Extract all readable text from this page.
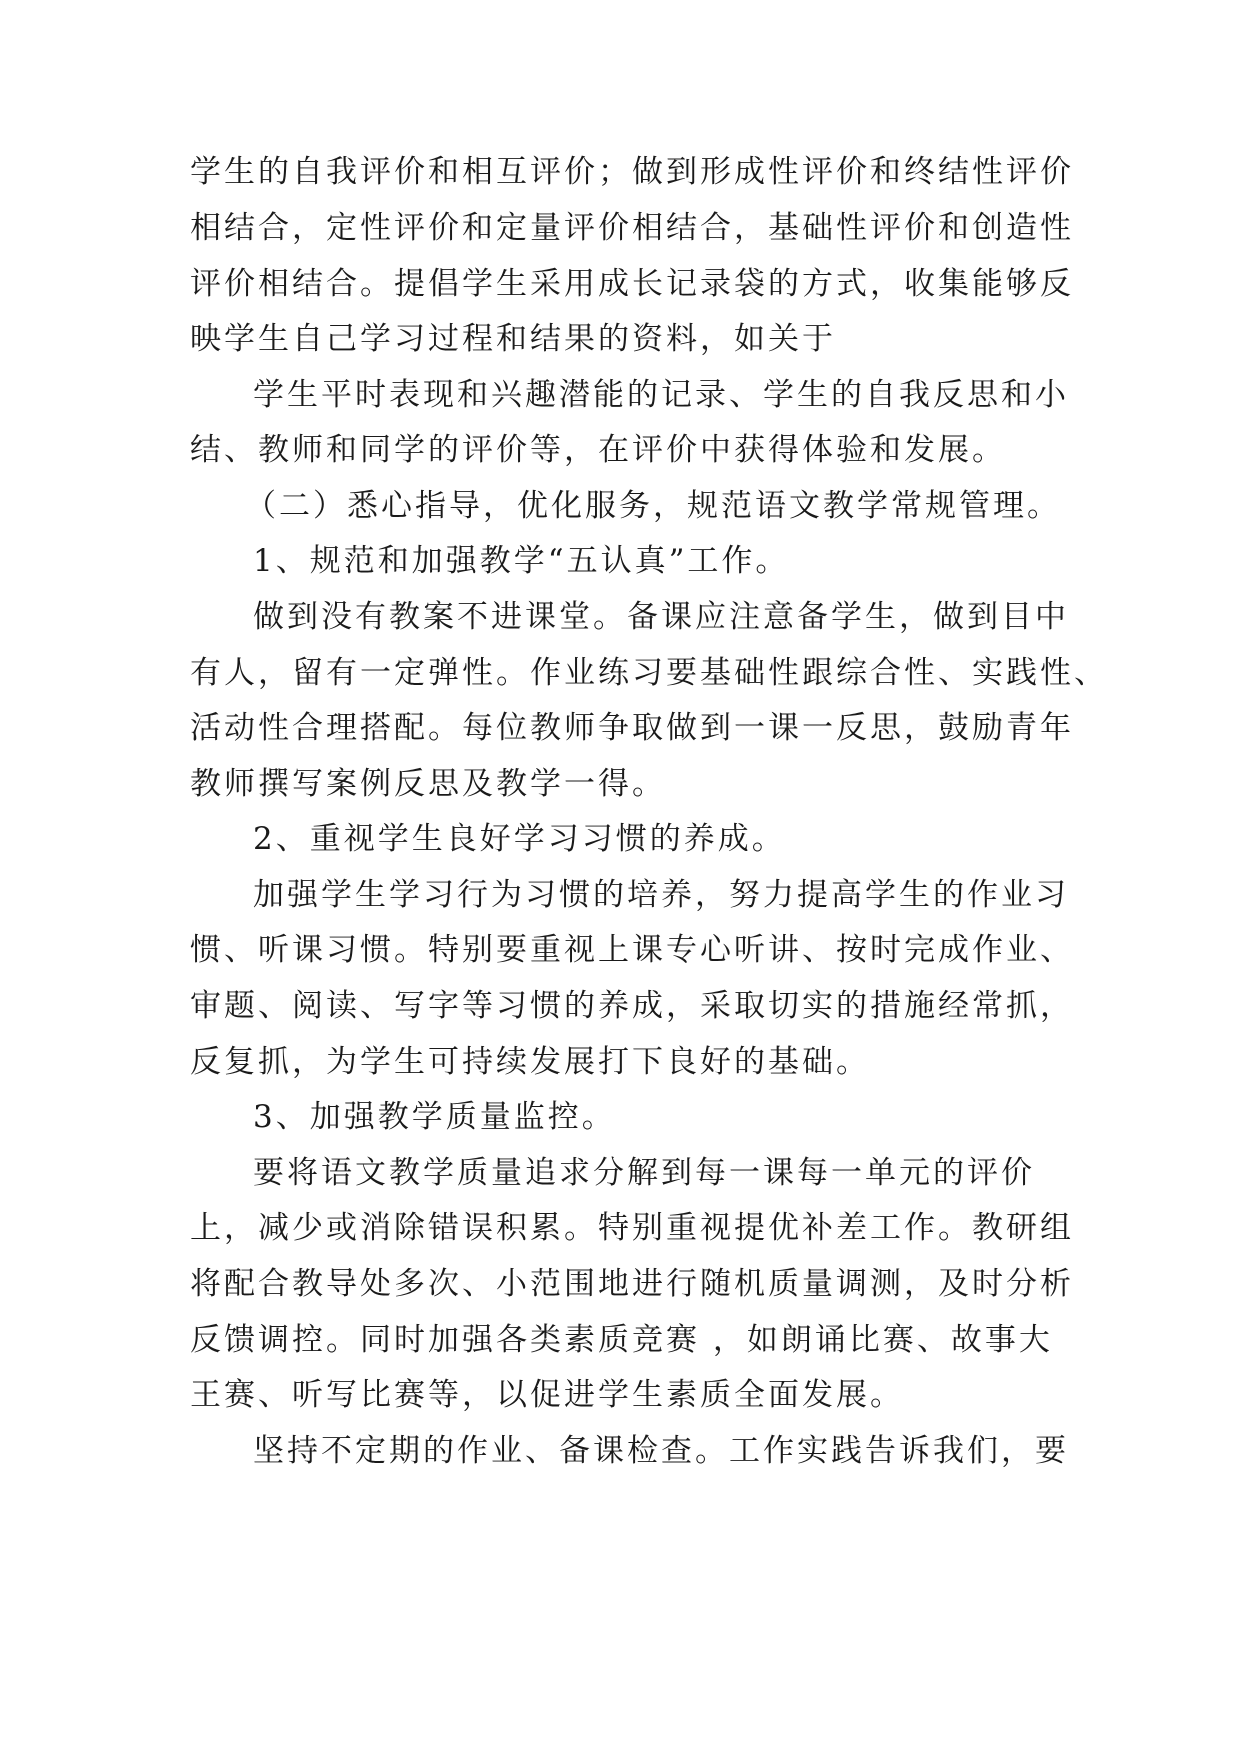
学生的自我评价和相互评价；做到形成性评价和终结性评价
相结合，定性评价和定量评价相结合，基础性评价和创造性
评价相结合。提倡学生采用成长记录袋的方式，收集能够反
映学生自己学习过程和结果的资料，如关于
学生平时表现和兴趣潜能的记录、学生的自我反思和小
结、教师和同学的评价等，在评价中获得体验和发展。
（二）悉心指导，优化服务，规范语文教学常规管理。
1、规范和加强教学“五认真”工作。
做到没有教案不进课堂。备课应注意备学生，做到目中
有人，留有一定弹性。作业练习要基础性跟综合性、实践性、
活动性合理搭配。每位教师争取做到一课一反思，鼓励青年
教师撰写案例反思及教学一得。
2、重视学生良好学习习惯的养成。
加强学生学习行为习惯的培养，努力提高学生的作业习
惯、听课习惯。特别要重视上课专心听讲、按时完成作业、
审题、阅读、写字等习惯的养成，采取切实的措施经常抓，
反复抓，为学生可持续发展打下良好的基础。
3、加强教学质量监控。
要将语文教学质量追求分解到每一课每一单元的评价
上，减少或消除错误积累。特别重视提优补差工作。教研组
将配合教导处多次、小范围地进行随机质量调测，及时分析
反馈调控。同时加强各类素质竞赛 ，如朗诵比赛、故事大
王赛、听写比赛等，以促进学生素质全面发展。
坚持不定期的作业、备课检查。工作实践告诉我们，要
